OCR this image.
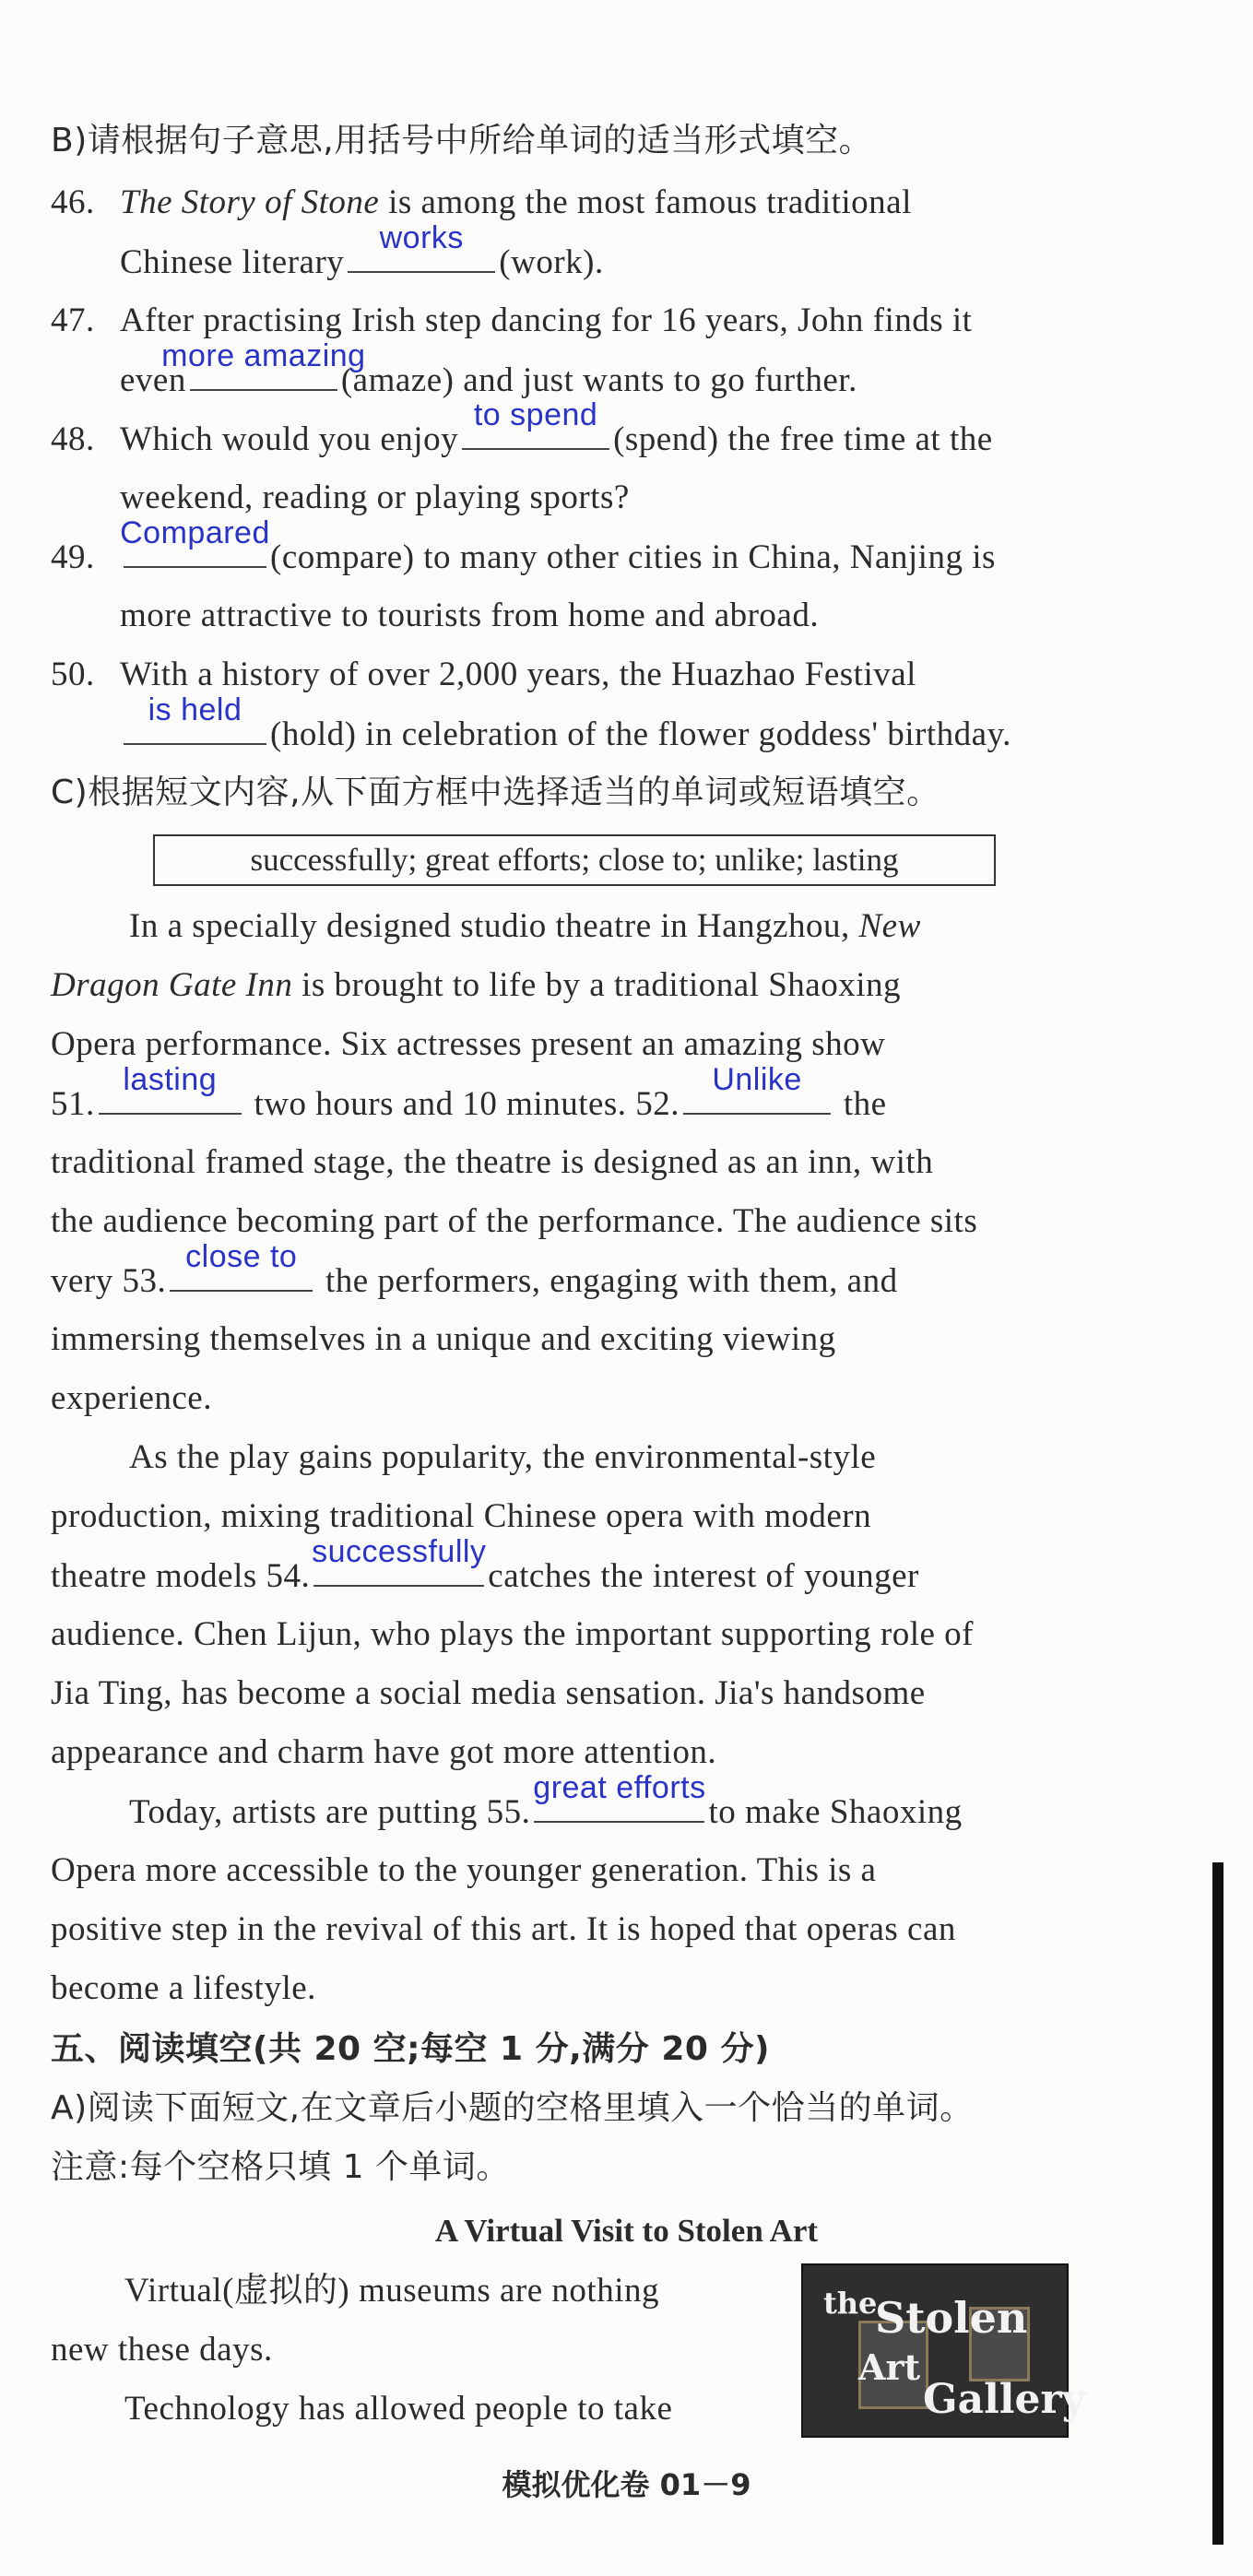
B)请根据句子意思,用括号中所给单词的适当形式填空。
46. The Story of Stone is among the most famous traditional
Chinese literary
works
(work).
47. After practising Irish step dancing for 16 years, John finds it
even
more amazing
(amaze) and just wants to go further.
48. Which would you enjoy
to spend
(spend) the free time at the
weekend, reading or playing sports?
49.
Compared
(compare) to many other cities in China, Nanjing is
more attractive to tourists from home and abroad.
50. With a history of over 2,000 years, the Huazhao Festival
is held
(hold) in celebration of the flower goddess' birthday.
C)根据短文内容,从下面方框中选择适当的单词或短语填空。
successfully; great efforts; close to; unlike; lasting
In a specially designed studio theatre in Hangzhou, New
Dragon Gate Inn is brought to life by a traditional Shaoxing
Opera performance. Six actresses present an amazing show
51.
lasting
two hours and 10 minutes. 52.
Unlike
the
traditional framed stage, the theatre is designed as an inn, with
the audience becoming part of the performance. The audience sits
very 53.
close to
the performers, engaging with them, and
immersing themselves in a unique and exciting viewing
experience.
As the play gains popularity, the environmental-style
production, mixing traditional Chinese opera with modern
theatre models 54.
successfully
catches the interest of younger
audience. Chen Lijun, who plays the important supporting role of
Jia Ting, has become a social media sensation. Jia's handsome
appearance and charm have got more attention.
Today, artists are putting 55.
great efforts
to make Shaoxing
Opera more accessible to the younger generation. This is a
positive step in the revival of this art. It is hoped that operas can
become a lifestyle.
五、阅读填空(共 20 空;每空 1 分,满分 20 分)
A)阅读下面短文,在文章后小题的空格里填入一个恰当的单词。
注意:每个空格只填 1 个单词。
A Virtual Visit to Stolen Art
Virtual(虚拟的) museums are nothing
new these days.
Technology has allowed people to take
the
Stolen
Art
Gallery
模拟优化卷 01－9
